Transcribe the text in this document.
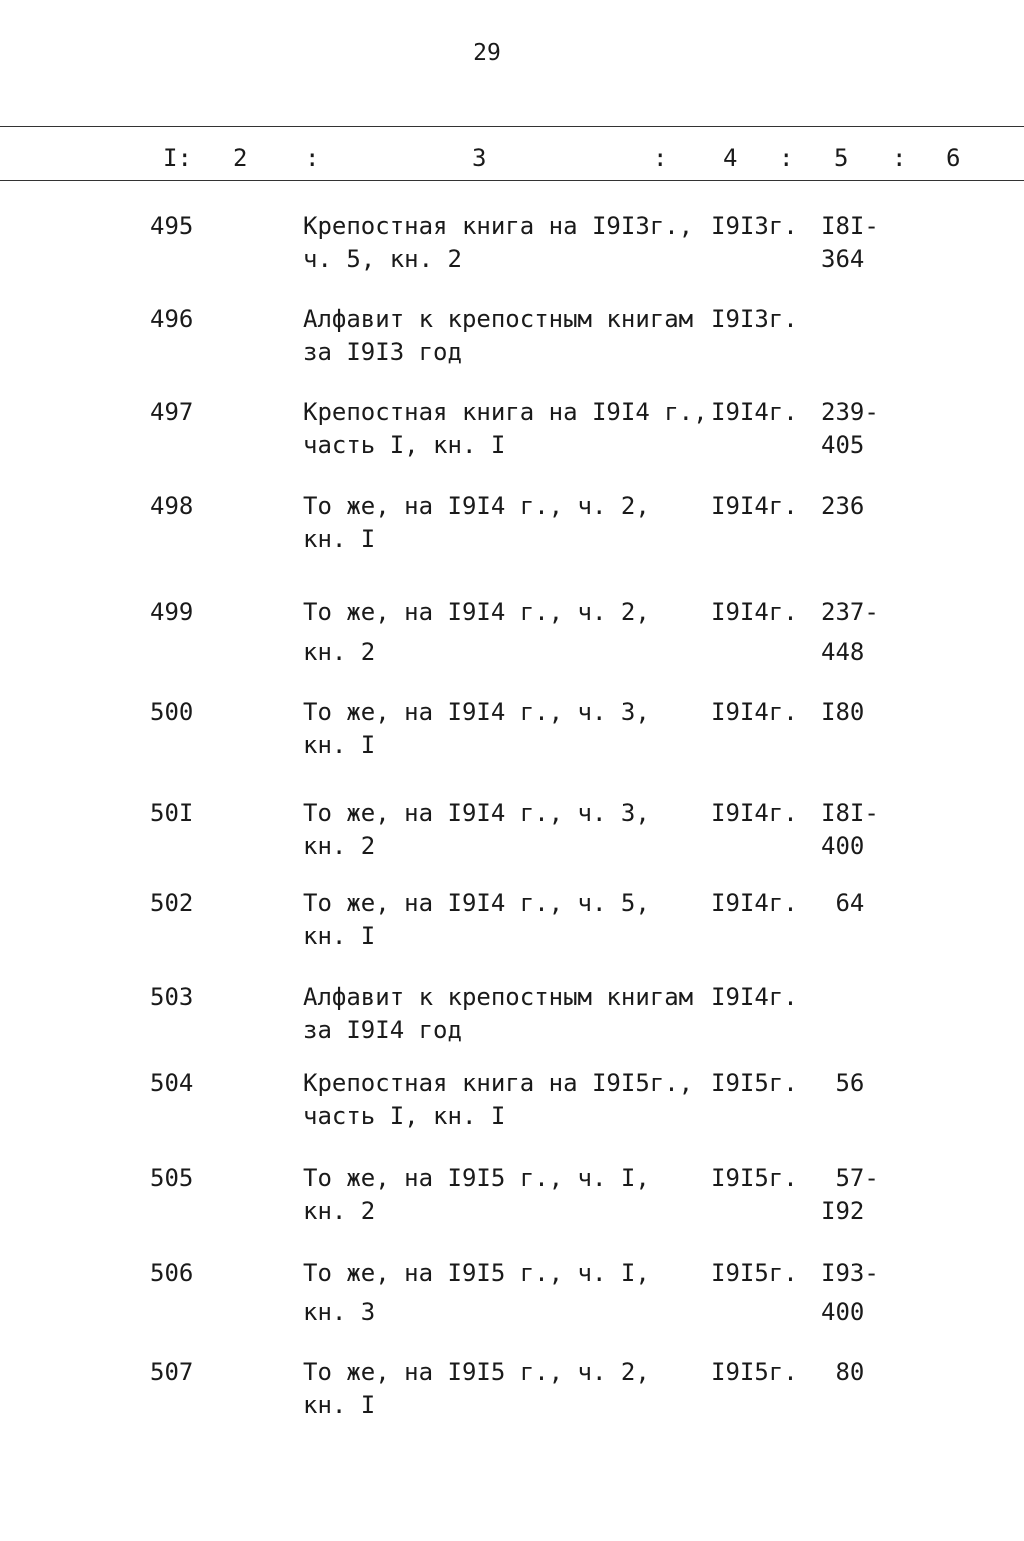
29
I: 2 :	3	: 4 : 5 : 6
495	Крепостная книга на I9I3г.,
ч. 5, кн. 2
I9I3г. I8I-
364
496	Алфавит к крепостным книгам
за I9I3 год
I9I3г.
497	Крепостная книга на I9I4 г.,
часть I, кн. I
I9I4г. 239-
405
498	То же, на I9I4 г., ч. 2,
кн. I
I9I4г. 236
499	То же, на I9I4 г., ч. 2,
кн. 2
I9I4г. 237-
448
500	То же, на I9I4 г., ч. 3,
кн. I
I9I4г. I80
50I	То же, на I9I4 г., ч. 3,
кн. 2
I9I4г. I8I-
400
502	То же, на I9I4 г., ч. 5,
кн. I
I9I4г. 64
503	Алфавит к крепостным книгам
за I9I4 год
I9I4г.
504	Крепостная книга на I9I5г.,
часть I, кн. I
I9I5г. 56
505	То же, на I9I5 г., ч. I,
кн. 2
I9I5г.	57-
I92
506	То же, на I9I5 г., ч. I,
кн. 3
I9I5г. I93-
400
507	То же, на I9I5 г., ч. 2,
кн. I
I9I5г. 80
